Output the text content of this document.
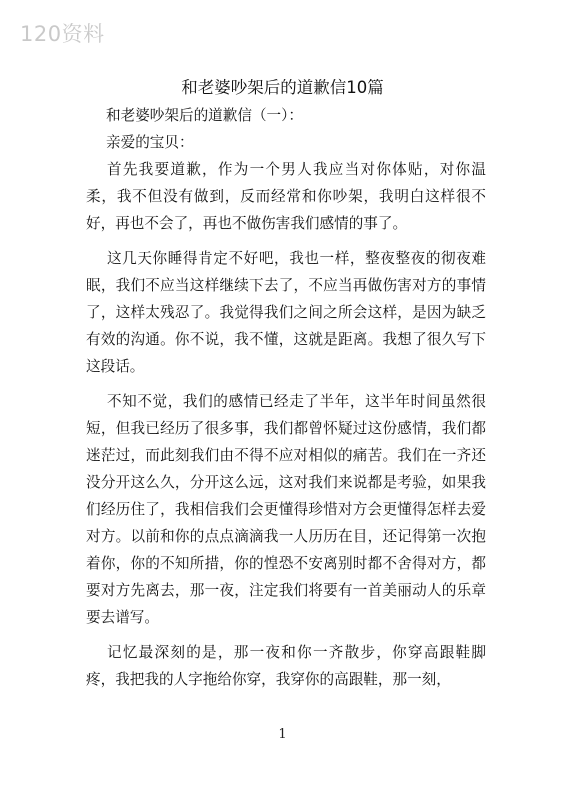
120资料
和老婆吵架后的道歉信10篇

和老婆吵架后的道歉信（一）：

亲爱的宝贝：

首先我要道歉，作为一个男人我应当对你体贴，对你温柔，我不但没有做到，反而经常和你吵架，我明白这样很不好，再也不会了，再也不做伤害我们感情的事了。

这几天你睡得肯定不好吧，我也一样，整夜整夜的彻夜难眠，我们不应当这样继续下去了，不应当再做伤害对方的事情了，这样太残忍了。我觉得我们之间之所会这样，是因为缺乏有效的沟通。你不说，我不懂，这就是距离。我想了很久写下这段话。

不知不觉，我们的感情已经走了半年，这半年时间虽然很短，但我已经历了很多事，我们都曾怀疑过这份感情，我们都迷茫过，而此刻我们由不得不应对相似的痛苦。我们在一齐还没分开这么久，分开这么远，这对我们来说都是考验，如果我们经历住了，我相信我们会更懂得珍惜对方会更懂得怎样去爱对方。以前和你的点点滴滴我一人历历在目，还记得第一次抱着你，你的不知所措，你的惶恐不安离别时都不舍得对方，都要对方先离去，那一夜，注定我们将要有一首美丽动人的乐章要去谱写。

记忆最深刻的是，那一夜和你一齐散步，你穿高跟鞋脚疼，我把我的人字拖给你穿，我穿你的高跟鞋，那一刻，

1
